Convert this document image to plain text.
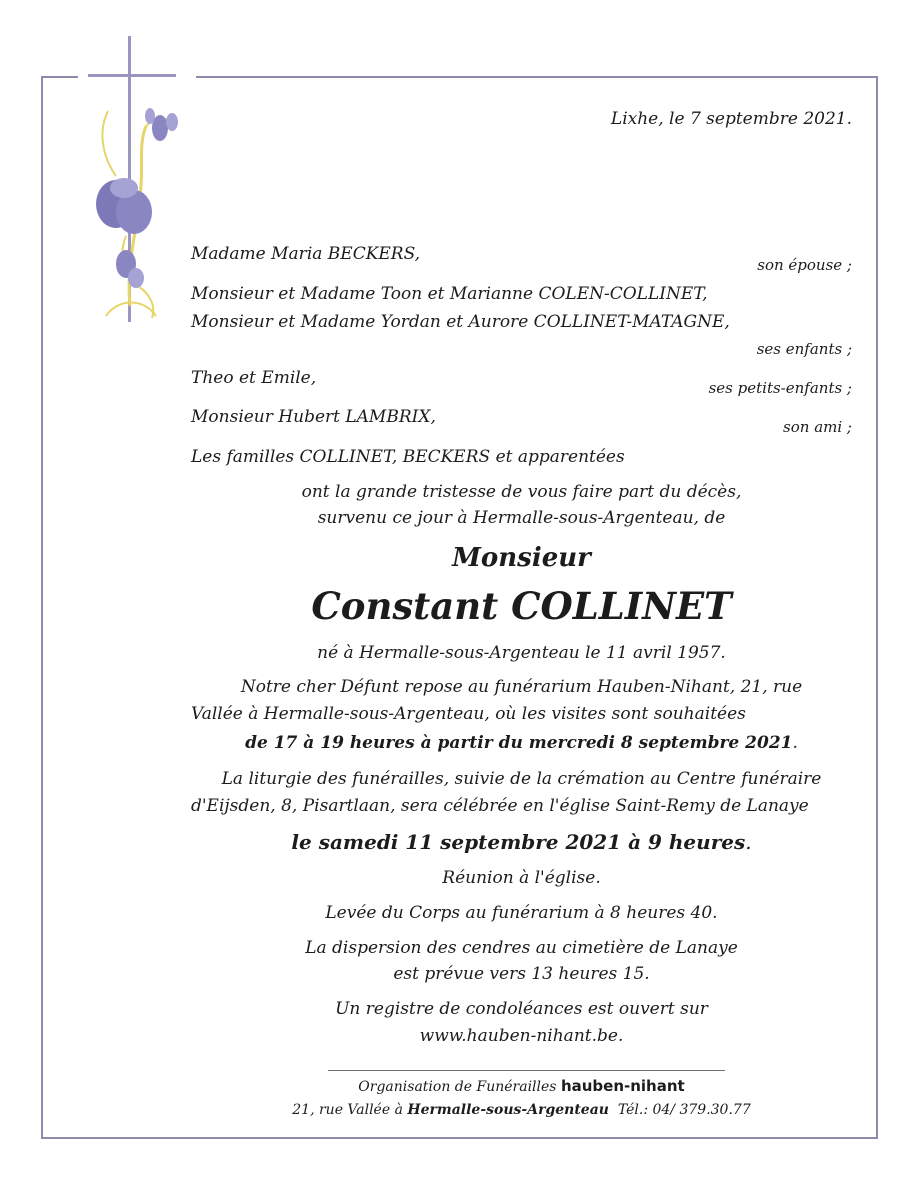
Lixhe, le 7 septembre 2021.
Madame Maria BECKERS,
son épouse ;
Monsieur et Madame Toon et Marianne COLEN-COLLINET,
Monsieur et Madame Yordan et Aurore COLLINET-MATAGNE,
ses enfants ;
Theo et Emile,	ses petits-enfants ;
Monsieur Hubert LAMBRIX,	son ami ;
Les familles COLLINET, BECKERS et apparentées
ont la grande tristesse de vous faire part du décès,
survenu ce jour à Hermalle-sous-Argenteau, de
Monsieur
Constant COLLINET
né à Hermalle-sous-Argenteau le 11 avril 1957.
Notre cher Défunt repose au funérarium Hauben-Nihant, 21, rue
Vallée à Hermalle-sous-Argenteau, où les visites sont souhaitées
de 17 à 19 heures à partir du mercredi 8 septembre 2021.
La liturgie des funérailles, suivie de la crémation au Centre funéraire
d'Eijsden, 8, Pisartlaan, sera célébrée en l'église Saint-Remy de Lanaye
le samedi 11 septembre 2021 à 9 heures.
Réunion à l'église.
Levée du Corps au funérarium à 8 heures 40.
La dispersion des cendres au cimetière de Lanaye
est prévue vers 13 heures 15.
Un registre de condoléances est ouvert sur
www.hauben-nihant.be.
Organisation de Funérailles hauben-nihant
21, rue Vallée à Hermalle-sous-Argenteau Tél.: 04/ 379.30.77
